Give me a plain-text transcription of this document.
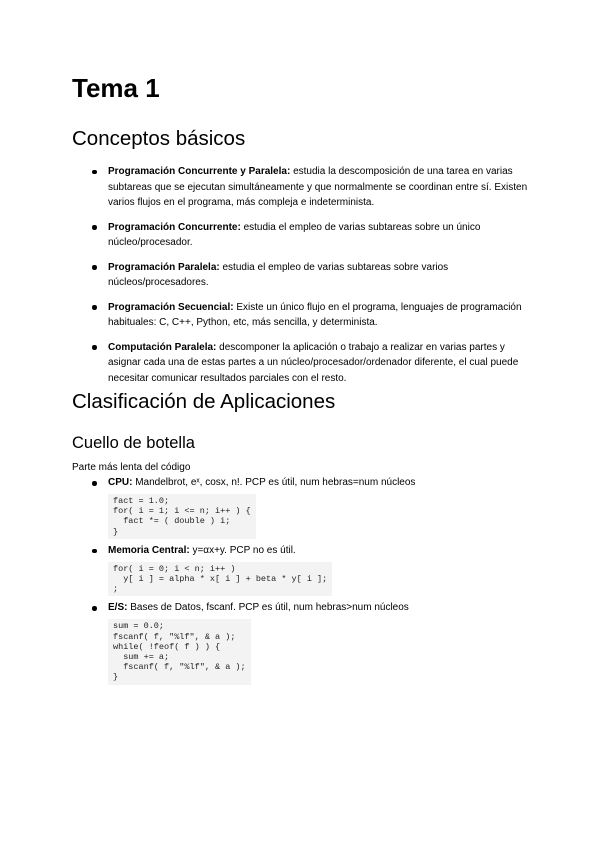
Tema 1
Conceptos básicos
Programación Concurrente y Paralela: estudia la descomposición de una tarea en varias subtareas que se ejecutan simultáneamente y que normalmente se coordinan entre sí. Existen varios flujos en el programa, más compleja e indeterminista.
Programación Concurrente: estudia el empleo de varias subtareas sobre un único núcleo/procesador.
Programación Paralela: estudia el empleo de varias subtareas sobre varios núcleos/procesadores.
Programación Secuencial: Existe un único flujo en el programa, lenguajes de programación habituales: C, C++, Python, etc, más sencilla, y determinista.
Computación Paralela: descomponer la aplicación o trabajo a realizar en varias partes y asignar cada una de estas partes a un núcleo/procesador/ordenador diferente, el cual puede necesitar comunicar resultados parciales con el resto.
Clasificación de Aplicaciones
Cuello de botella

Parte más lenta del código

CPU: Mandelbrot, eˣ, cosx, n!. PCP es útil, num hebras=num núcleos
fact = 1.0;
for( i = 1; i <= n; i++ ) {
fact *= ( double ) i;
}
Memoria Central: y=αx+y. PCP no es útil.
for( i = 0; i < n; i++ )
y[ i ] = alpha * x[ i ] + beta * y[ i ];
;
E/S: Bases de Datos, fscanf. PCP es útil, num hebras>num núcleos
sum = 0.0;
fscanf( f, "%lf", & a );
while( !feof( f ) ) {
sum += a;
fscanf( f, "%lf", & a );
}
